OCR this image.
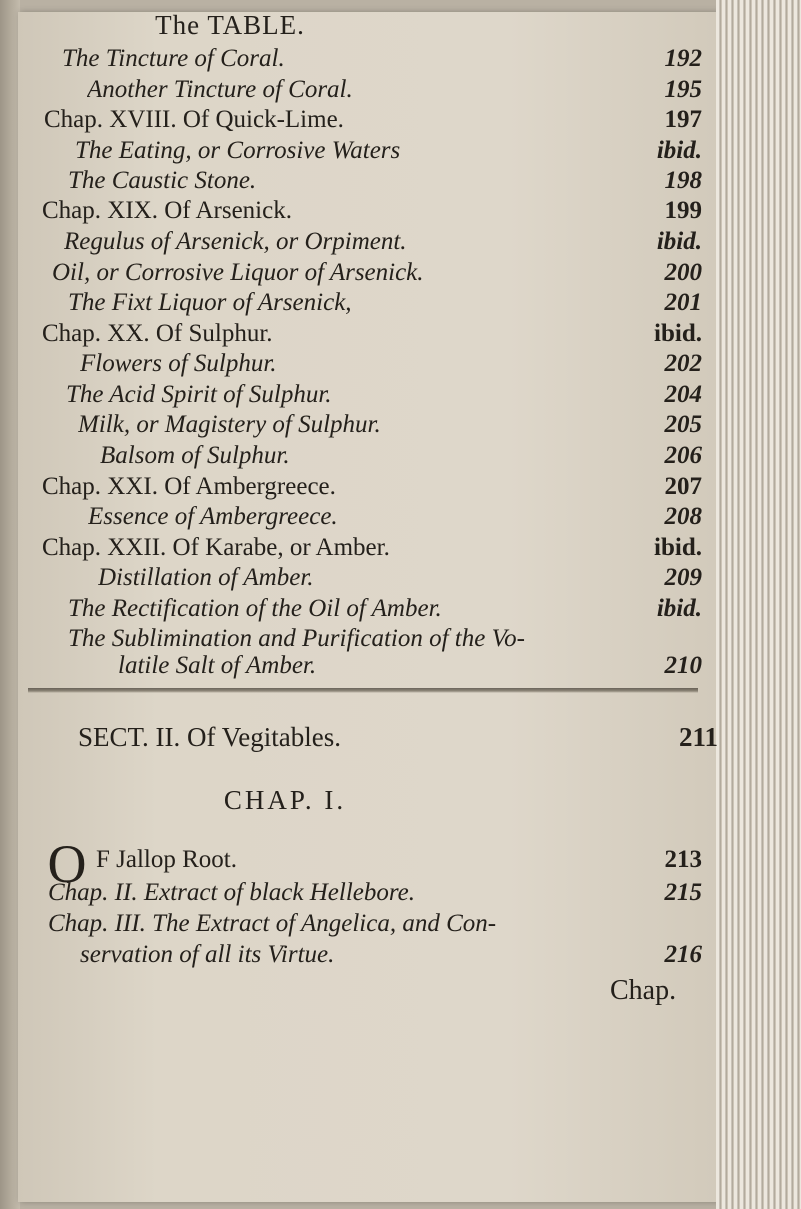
The TABLE.
The Tincture of Coral.	192
Another Tincture of Coral.	195
Chap. XVIII. Of Quick-Lime.	197
The Eating, or Corrosive Waters	ibid.
The Caustic Stone.	198
Chap. XIX. Of Arsenick.	199
Regulus of Arsenick, or Orpiment.	ibid.
Oil, or Corrosive Liquor of Arsenick.	200
The Fixt Liquor of Arsenick,	201
Chap. XX. Of Sulphur.	ibid.
Flowers of Sulphur.	202
The Acid Spirit of Sulphur.	204
Milk, or Magistery of Sulphur.	205
Balsom of Sulphur.	206
Chap. XXI. Of Ambergreece.	207
Essence of Ambergreece.	208
Chap. XXII. Of Karabe, or Amber.	ibid.
Distillation of Amber.	209
The Rectification of the Oil of Amber.	ibid.
The Sublimination and Purification of the Vo-
latile Salt of Amber.	210
SECT. II. Of Vegitables.	211
CHAP. I.
O F Jallop Root.	213
Chap. II. Extract of black Hellebore.	215
Chap. III. The Extract of Angelica, and Con-
servation of all its Virtue.	216
Chap.
